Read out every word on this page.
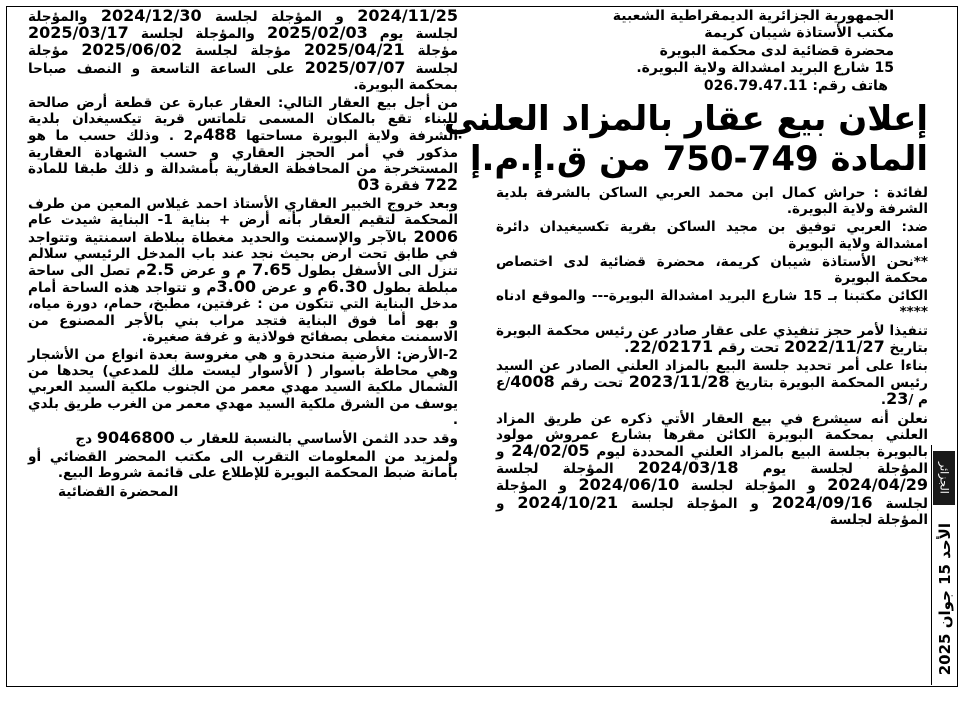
الجمهورية الجزائرية الديمقراطية الشعبية
مكتب الأستاذة شيبان كريمة
محضرة قضائية لدى محكمة البويرة
15 شارع البريد امشدالة ولاية البويرة.
هاتف رقم: 026.79.47.11
إعلان بيع عقار بالمزاد العلني
المادة 749-750 من ق.إ.م.إ

لفائدة : حراش كمال ابن محمد العربي الساكن بالشرفة بلدية الشرفة ولاية البويرة.

ضد: العربي توفيق بن مجيد الساكن بقرية تكسيغيدان دائرة امشدالة ولاية البويرة

**نحن الأستاذة شيبان كريمة، محضرة قضائية لدى اختصاص محكمة البويرة

الكائن مكتبنا بـ 15 شارع البريد امشدالة البويرة--- والموقع ادناه ****

تنفيذا لأمر حجز تنفيذي على عقار صادر عن رئيس محكمة البويرة بتاريخ 2022/11/27 تحت رقم 22/02171.

بناءا على أمر تحديد جلسة البيع بالمزاد العلني الصادر عن السيد رئيس المحكمة البويرة بتاريخ 2023/11/28 تحت رقم 4008/ع م /23.

نعلن أنه سيشرع في بيع العقار الأتي ذكره عن طريق المزاد العلني بمحكمة البويرة الكائن مقرها بشارع عمروش مولود بالبويرة بجلسة البيع بالمزاد العلني المحددة ليوم 24/02/05 و المؤجلة لجلسة يوم 2024/03/18 المؤجلة لجلسة 2024/04/29 و المؤجلة لجلسة 2024/06/10 و المؤجلة لجلسة 2024/09/16 و المؤجلة لجلسة 2024/10/21 و المؤجلة لجلسة

2024/11/25 و المؤجلة لجلسة 2024/12/30 والمؤجلة لجلسة يوم 2025/02/03 والمؤجلة لجلسة 2025/03/17 مؤجلة 2025/04/21 مؤجلة لجلسة 2025/06/02 مؤجلة لجلسة 2025/07/07 على الساعة التاسعة و النصف صباحا بمحكمة البويرة.

من أجل بيع العقار التالي: العقار عبارة عن قطعة أرض صالحة للبناء تقع بالمكان المسمى تلماتس قرية تيكسيغدان بلدية الشرفة ولاية البويرة مساحتها 488م2 . وذلك حسب ما هو مذكور في أمر الحجز العقاري و حسب الشهادة العقارية المستخرجة من المحافظة العقارية بأمشدالة و ذلك طبقا للمادة 722 فقرة 03

وبعد خروج الخبير العقاري الأستاذ احمد غيلاس المعين من طرف المحكمة لتقيم العقار بأنه أرض + بناية 1- البناية شيدت عام 2006 بالآجر والإسمنت والحديد مغطاة ببلاطة اسمنتية وتتواجد في طابق تحت ارض بحيث نجد عند باب المدخل الرئيسي سلالم تنزل الى الأسفل بطول 7.65 م و عرض 2.5م تصل الى ساحة مبلطة بطول 6.30م و عرض 3.00م و تتواجد هذه الساحة أمام مدخل البناية التي تتكون من : غرفتين، مطبخ، حمام، دورة مياه، و بهو أما فوق البناية فتجد مراب بني بالأجر المصنوع من الاسمنت مغطى بصفائح فولاذية و غرفة صغيرة.

2-الأرض: الأرضية منحدرة و هي مغروسة بعدة انواع من الأشجار وهي محاطة باسوار ( الأسوار ليست ملك للمدعي) يحدها من الشمال ملكية السيد مهدي معمر من الجنوب ملكية السيد العربي يوسف من الشرق ملكية السيد مهدي معمر من الغرب طريق بلدي .

وقد حدد الثمن الأساسي بالنسبة للعقار ب 9046800 دج

ولمزيد من المعلومات التقرب الى مكتب المحضر القضائي أو بأمانة ضبط المحكمة البويرة للإطلاع على قائمة شروط البيع.

المحضرة القضائية	الجزائر
الأحد 15 جوان 2025
